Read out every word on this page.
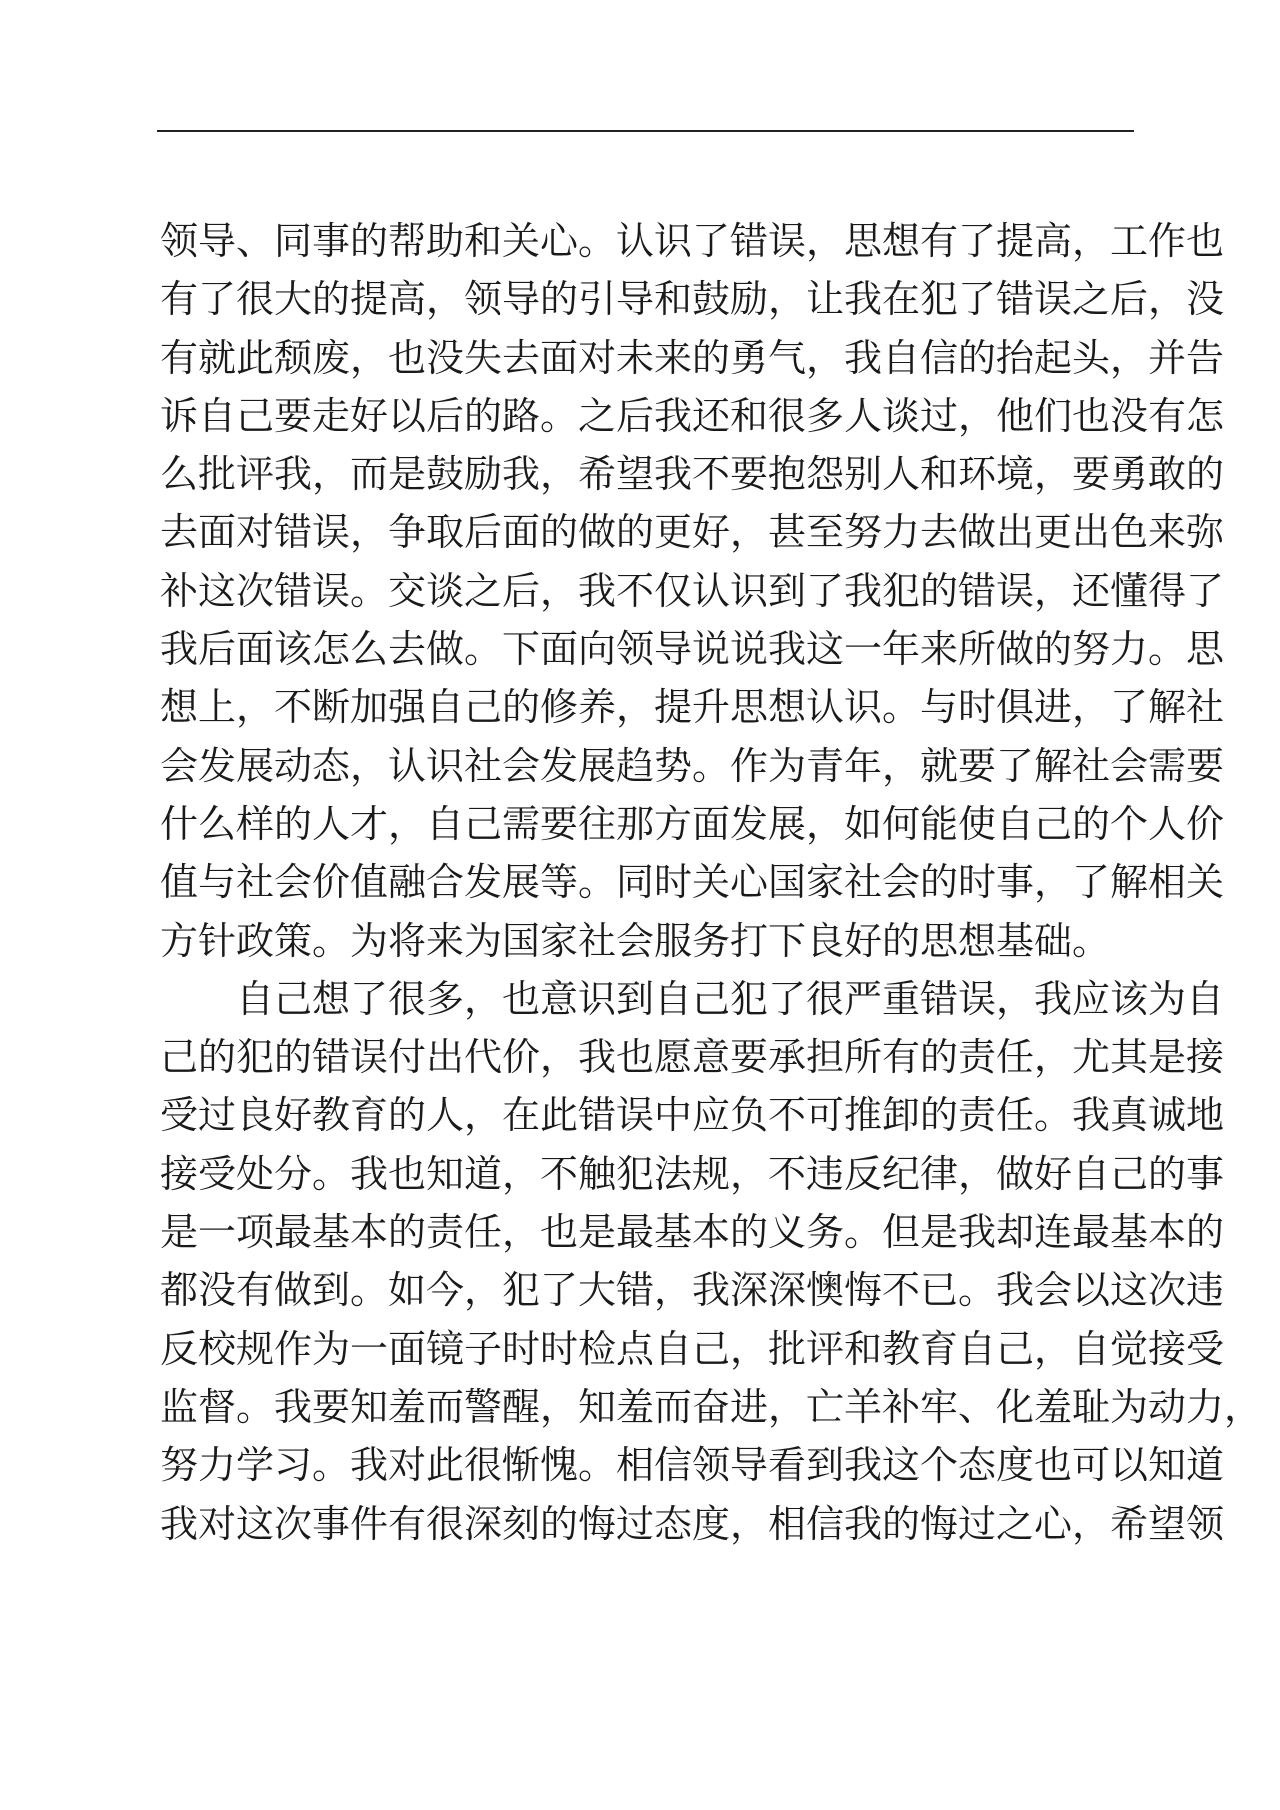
领导、同事的帮助和关心。认识了错误，思想有了提高，工作也
有了很大的提高，领导的引导和鼓励，让我在犯了错误之后，没
有就此颓废，也没失去面对未来的勇气，我自信的抬起头，并告
诉自己要走好以后的路。之后我还和很多人谈过，他们也没有怎
么批评我，而是鼓励我，希望我不要抱怨别人和环境，要勇敢的
去面对错误，争取后面的做的更好，甚至努力去做出更出色来弥
补这次错误。交谈之后，我不仅认识到了我犯的错误，还懂得了
我后面该怎么去做。下面向领导说说我这一年来所做的努力。思
想上，不断加强自己的修养，提升思想认识。与时俱进，了解社
会发展动态，认识社会发展趋势。作为青年，就要了解社会需要
什么样的人才，自己需要往那方面发展，如何能使自己的个人价
值与社会价值融合发展等。同时关心国家社会的时事，了解相关
方针政策。为将来为国家社会服务打下良好的思想基础。
自己想了很多，也意识到自己犯了很严重错误，我应该为自
己的犯的错误付出代价，我也愿意要承担所有的责任，尤其是接
受过良好教育的人，在此错误中应负不可推卸的责任。我真诚地
接受处分。我也知道，不触犯法规，不违反纪律，做好自己的事
是一项最基本的责任，也是最基本的义务。但是我却连最基本的
都没有做到。如今，犯了大错，我深深懊悔不已。我会以这次违
反校规作为一面镜子时时检点自己，批评和教育自己，自觉接受
监督。我要知羞而警醒，知羞而奋进，亡羊补牢、化羞耻为动力，
努力学习。我对此很惭愧。相信领导看到我这个态度也可以知道
我对这次事件有很深刻的悔过态度，相信我的悔过之心，希望领
